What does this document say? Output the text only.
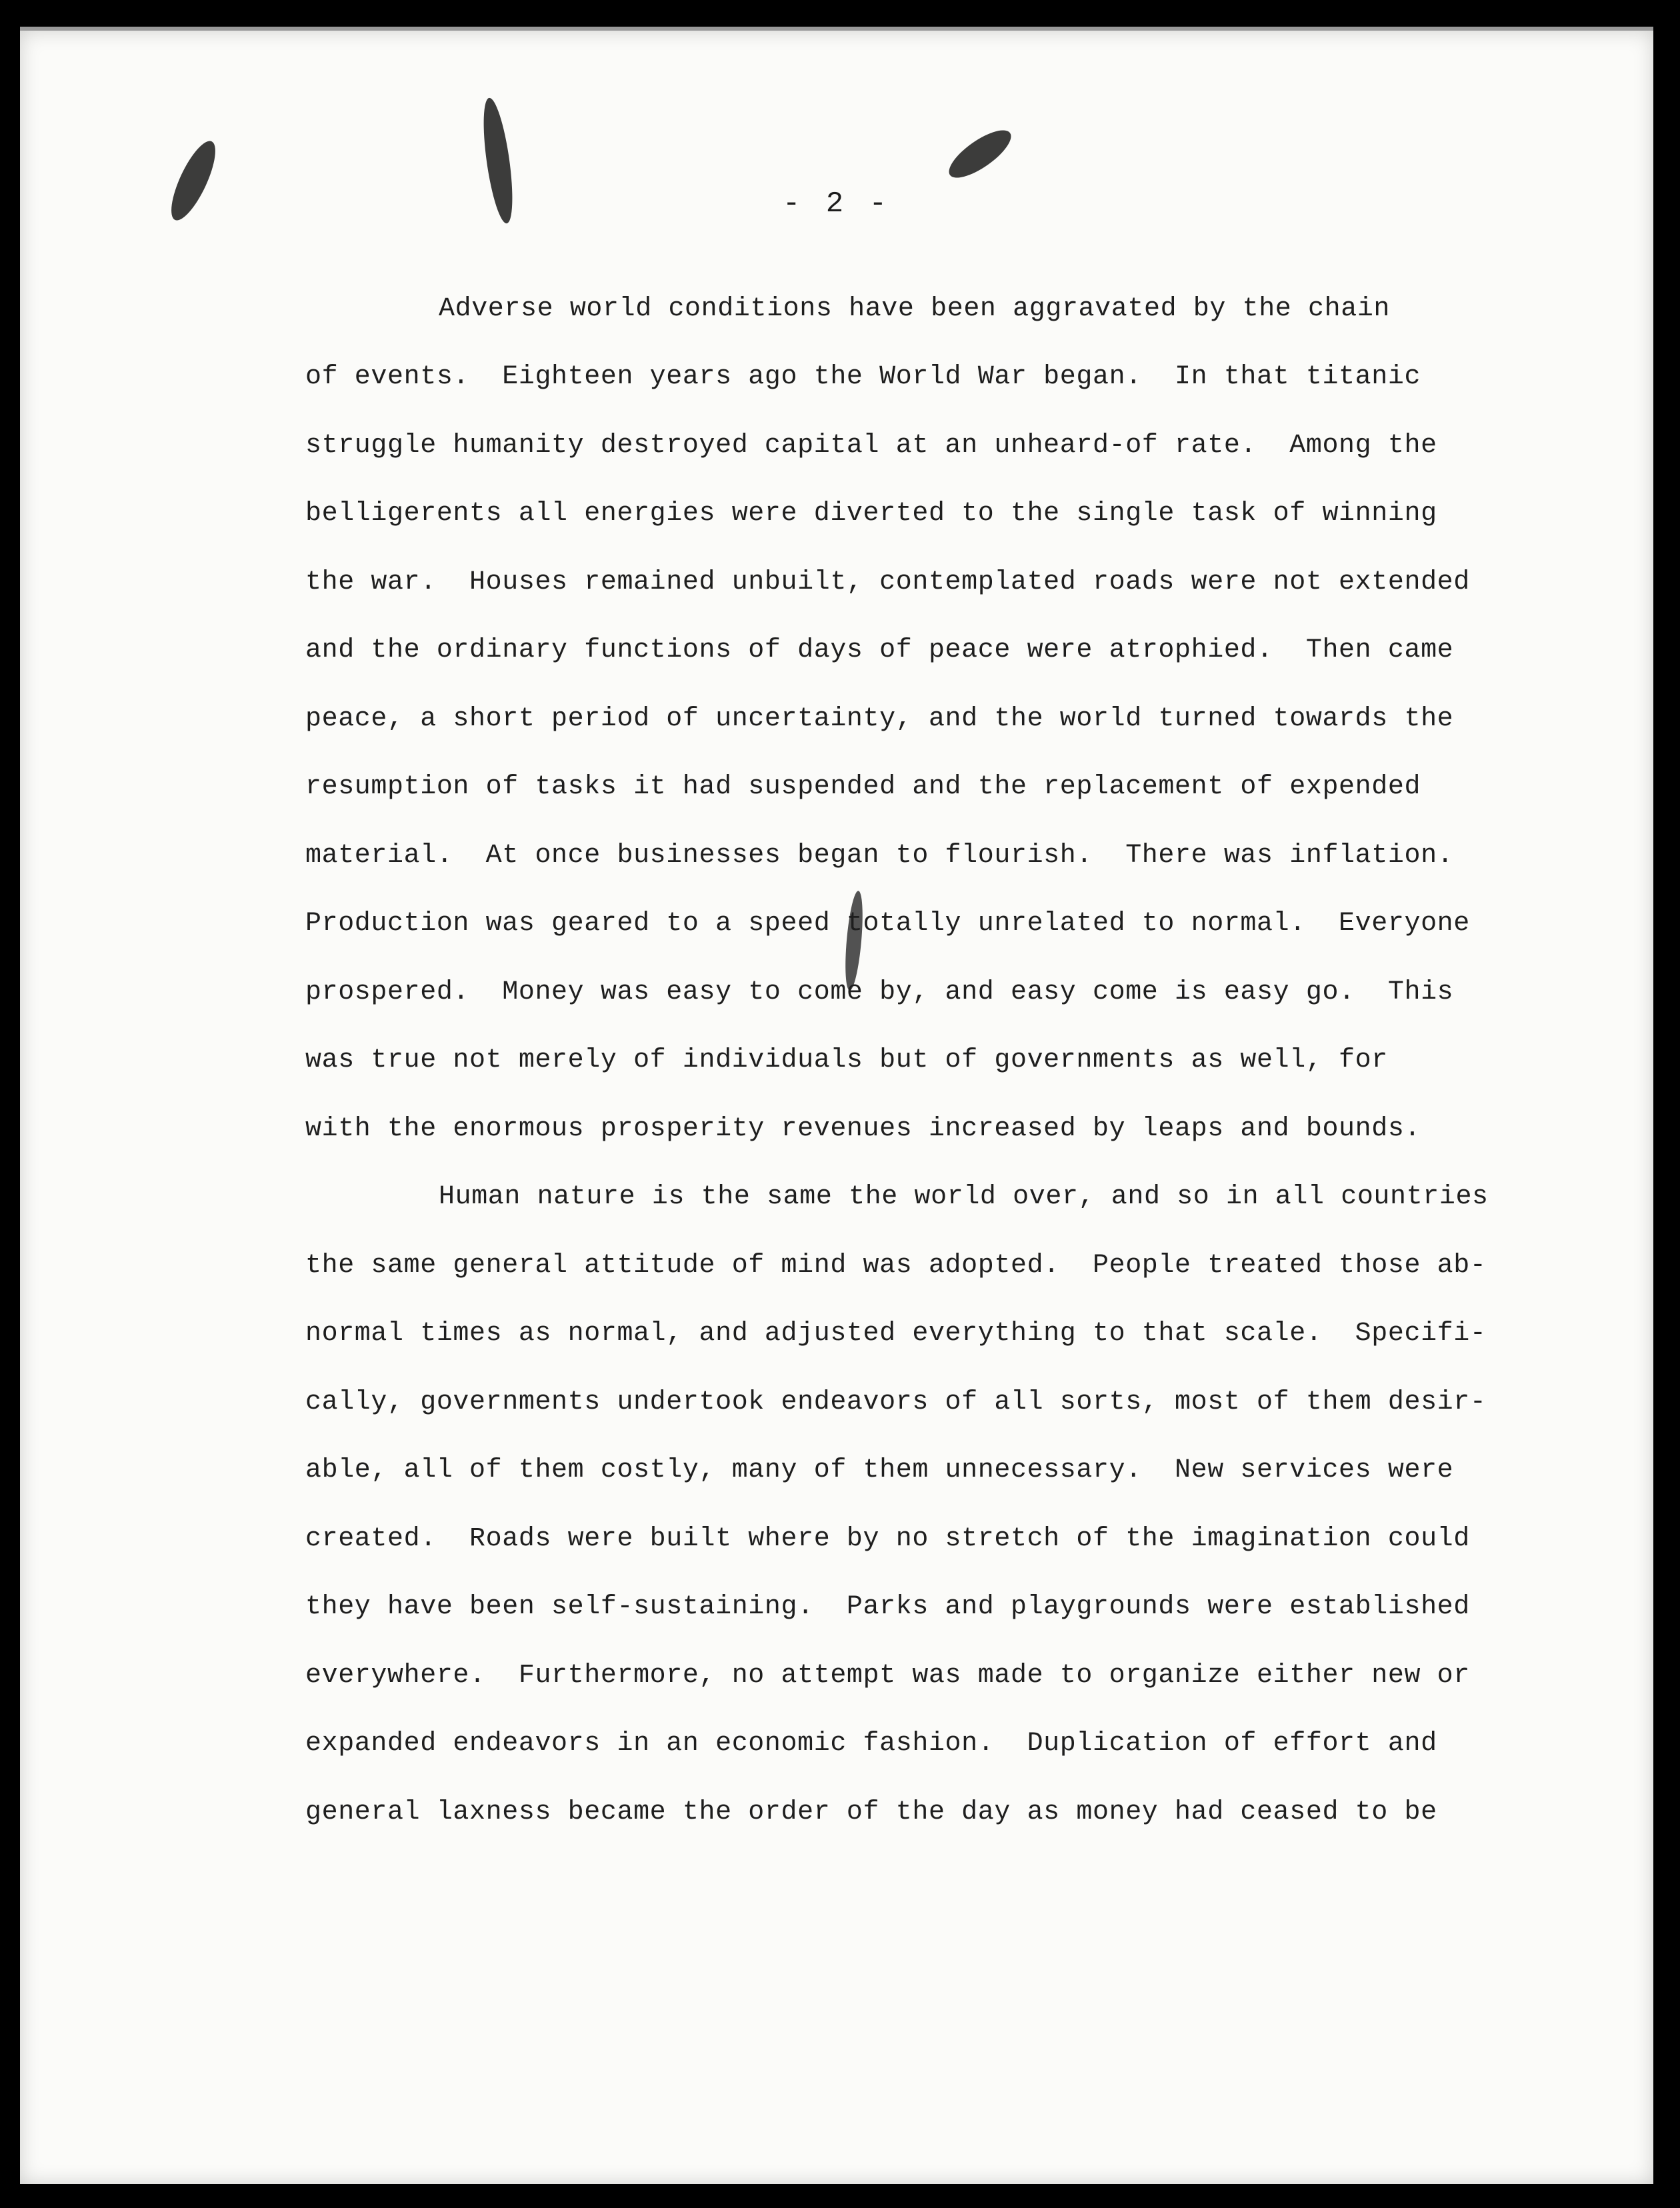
- 2 -
Adverse world conditions have been aggravated by the chain
of events.  Eighteen years ago the World War began.  In that titanic
struggle humanity destroyed capital at an unheard-of rate.  Among the
belligerents all energies were diverted to the single task of winning
the war.  Houses remained unbuilt, contemplated roads were not extended
and the ordinary functions of days of peace were atrophied.  Then came
peace, a short period of uncertainty, and the world turned towards the
resumption of tasks it had suspended and the replacement of expended
material.  At once businesses began to flourish.  There was inflation.
Production was geared to a speed totally unrelated to normal.  Everyone
prospered.  Money was easy to come by, and easy come is easy go.  This
was true not merely of individuals but of governments as well, for
with the enormous prosperity revenues increased by leaps and bounds.
Human nature is the same the world over, and so in all countries
the same general attitude of mind was adopted.  People treated those ab-
normal times as normal, and adjusted everything to that scale.  Specifi-
cally, governments undertook endeavors of all sorts, most of them desir-
able, all of them costly, many of them unnecessary.  New services were
created.  Roads were built where by no stretch of the imagination could
they have been self-sustaining.  Parks and playgrounds were established
everywhere.  Furthermore, no attempt was made to organize either new or
expanded endeavors in an economic fashion.  Duplication of effort and
general laxness became the order of the day as money had ceased to be
